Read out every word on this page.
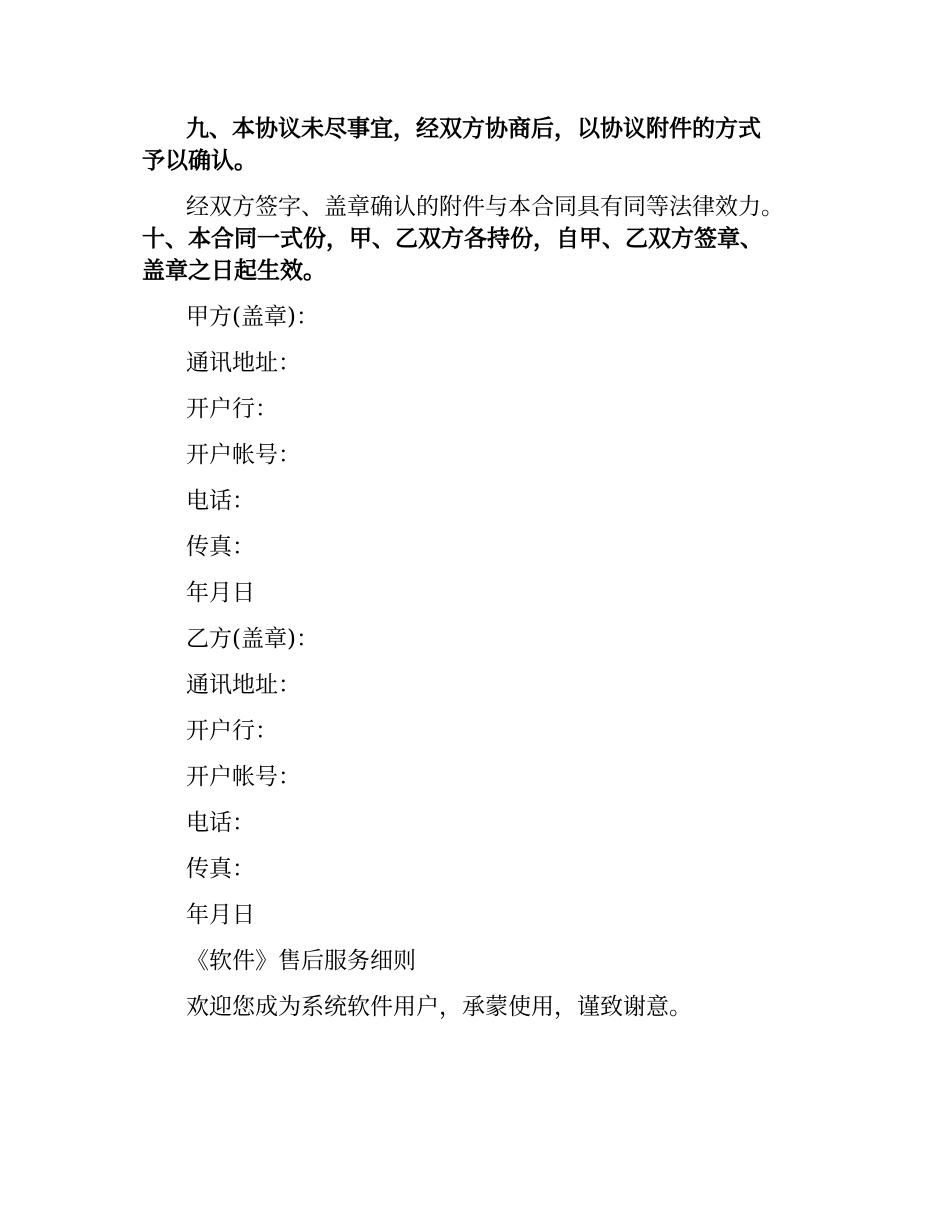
九、本协议未尽事宜，经双方协商后，以协议附件的方式
予以确认。

经双方签字、盖章确认的附件与本合同具有同等法律效力。

十、本合同一式份，甲、乙双方各持份，自甲、乙双方签章、
盖章之日起生效。

甲方(盖章)：

通讯地址：

开户行：

开户帐号：

电话：

传真：

年月日

乙方(盖章)：

通讯地址：

开户行：

开户帐号：

电话：

传真：

年月日

《软件》售后服务细则

欢迎您成为系统软件用户，承蒙使用，谨致谢意。
